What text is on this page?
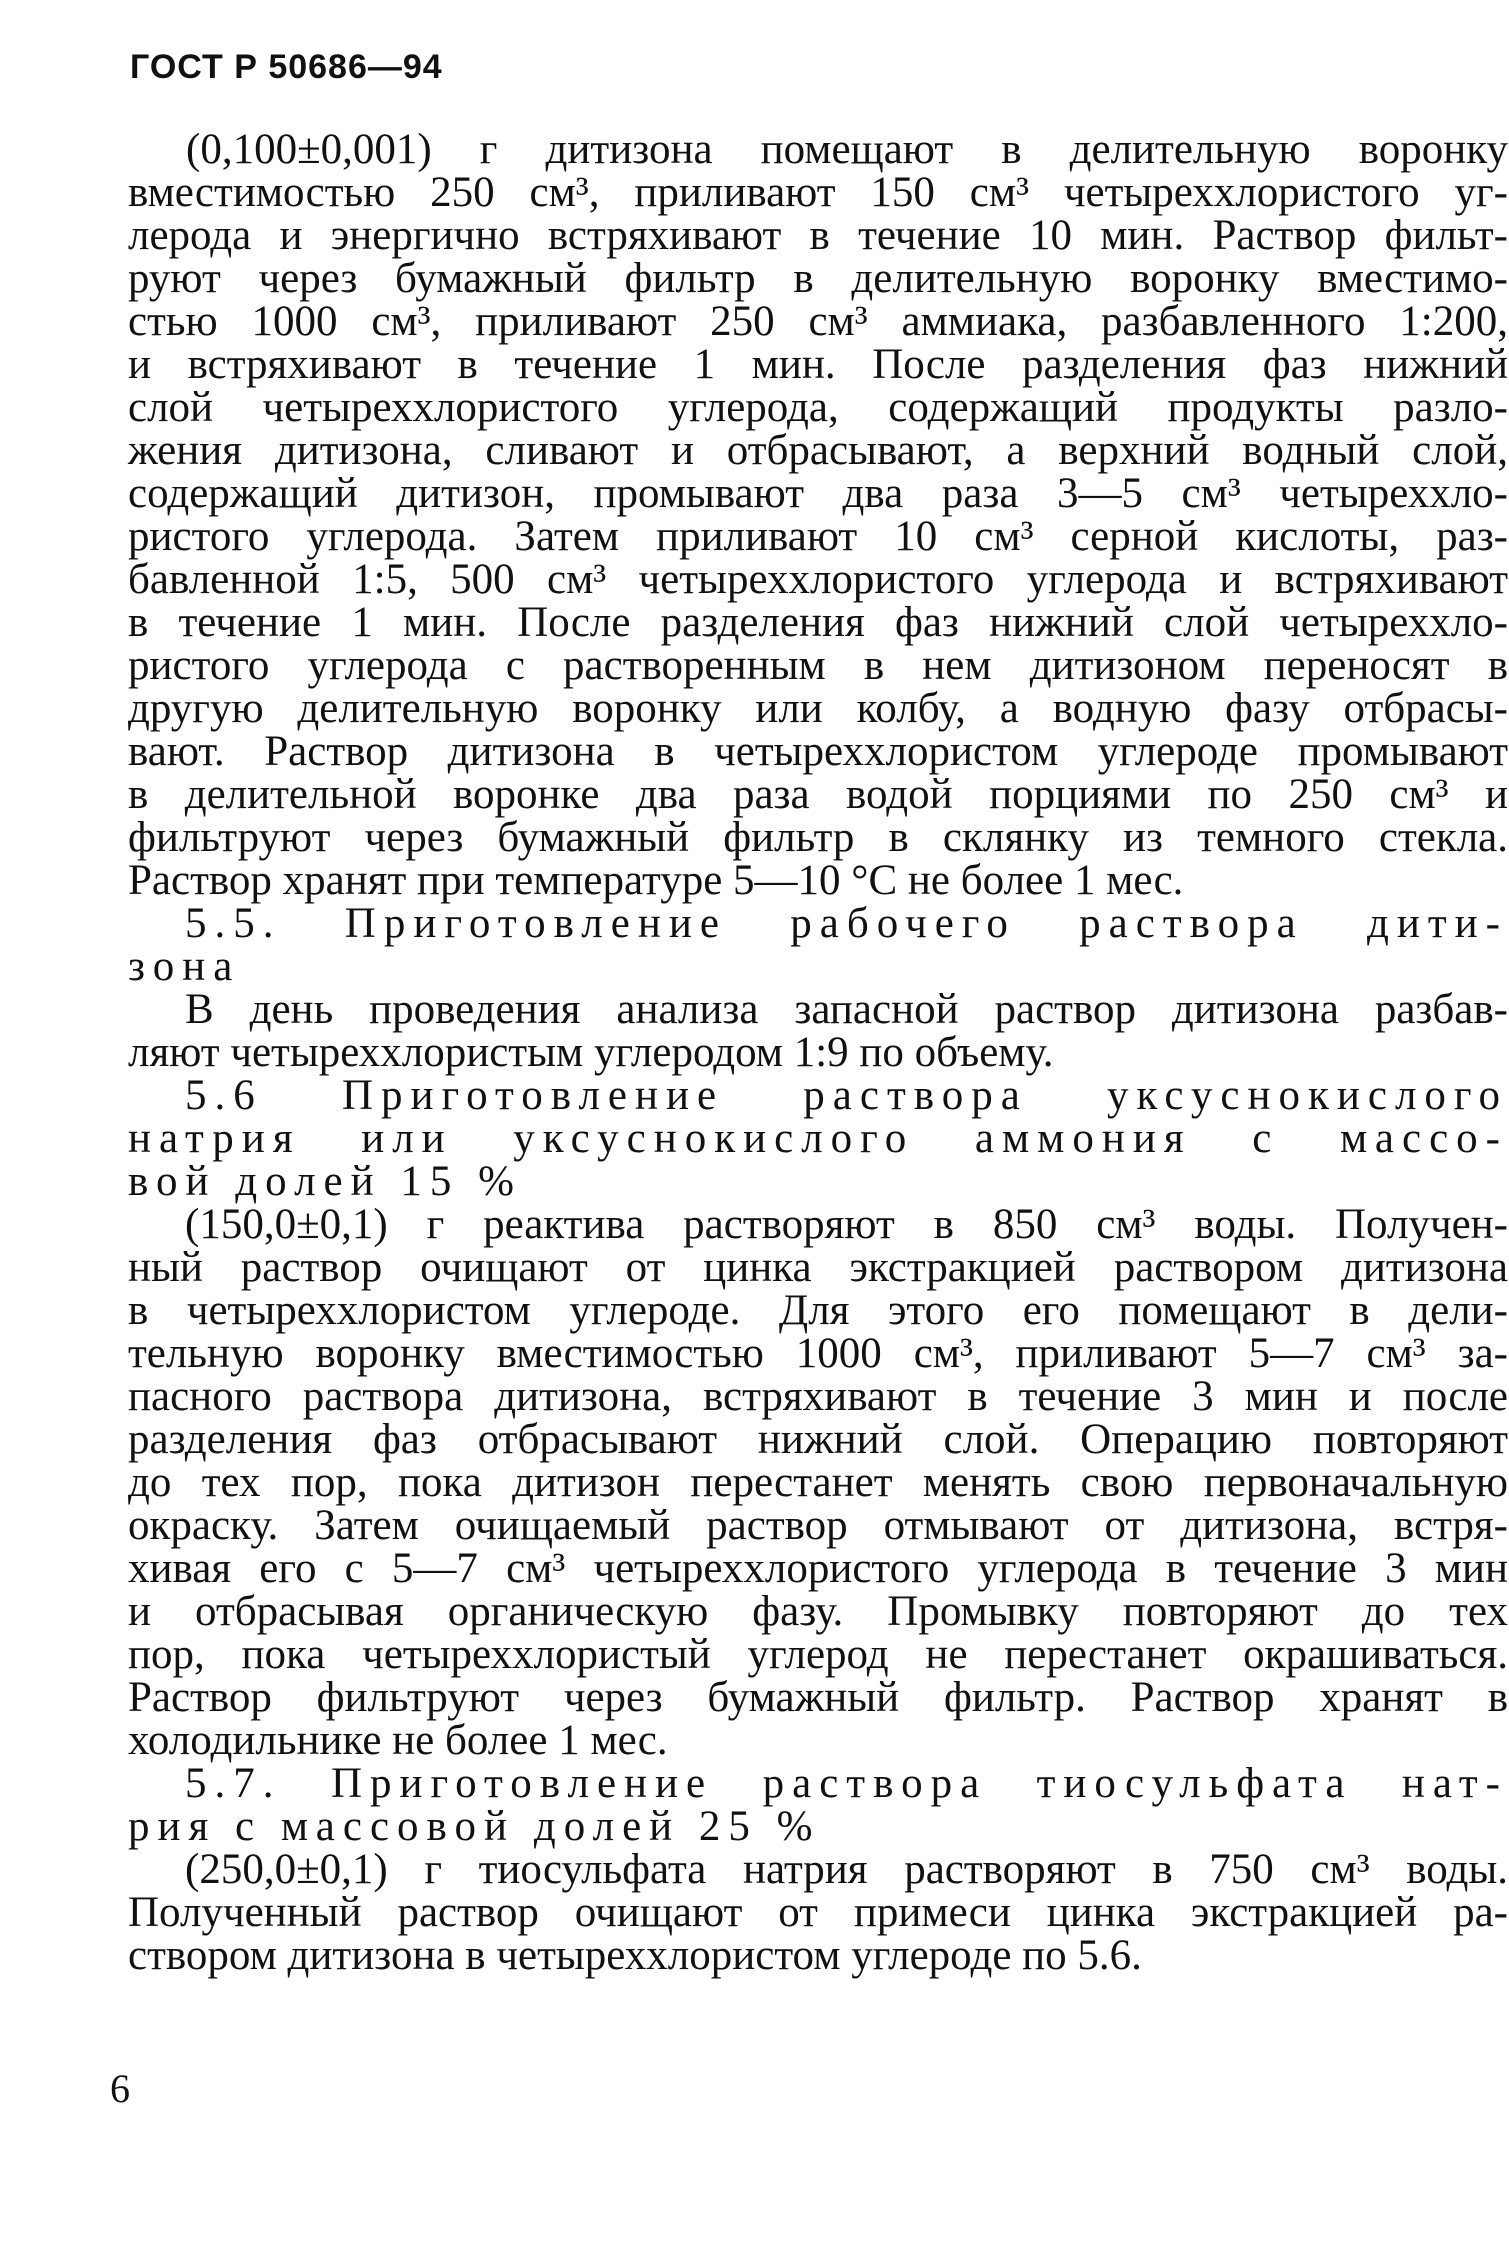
ГОСТ Р 50686—94
(0,100±0,001) г дитизона помещают в делительную воронку
вместимостью 250 см³, приливают 150 см³ четыреххлористого уг-
лерода и энергично встряхивают в течение 10 мин. Раствор фильт-
руют через бумажный фильтр в делительную воронку вместимо-
стью 1000 см³, приливают 250 см³ аммиака, разбавленного 1:200,
и встряхивают в течение 1 мин. После разделения фаз нижний
слой четыреххлористого углерода, содержащий продукты разло-
жения дитизона, сливают и отбрасывают, а верхний водный слой,
содержащий дитизон, промывают два раза 3—5 см³ четыреххло-
ристого углерода. Затем приливают 10 см³ серной кислоты, раз-
бавленной 1:5, 500 см³ четыреххлористого углерода и встряхивают
в течение 1 мин. После разделения фаз нижний слой четыреххло-
ристого углерода с растворенным в нем дитизоном переносят в
другую делительную воронку или колбу, а водную фазу отбрасы-
вают. Раствор дитизона в четыреххлористом углероде промывают
в делительной воронке два раза водой порциями по 250 см³ и
фильтруют через бумажный фильтр в склянку из темного стекла.
Раствор хранят при температуре 5—10 °С не более 1 мес.
5.5. Приготовление рабочего раствора дити-
зона
В день проведения анализа запасной раствор дитизона разбав-
ляют четыреххлористым углеродом 1:9 по объему.
5.6 Приготовление раствора уксуснокислого
натрия или уксуснокислого аммония с массо-
вой долей 15 %
(150,0±0,1) г реактива растворяют в 850 см³ воды. Получен-
ный раствор очищают от цинка экстракцией раствором дитизона
в четыреххлористом углероде. Для этого его помещают в дели-
тельную воронку вместимостью 1000 см³, приливают 5—7 см³ за-
пасного раствора дитизона, встряхивают в течение 3 мин и после
разделения фаз отбрасывают нижний слой. Операцию повторяют
до тех пор, пока дитизон перестанет менять свою первоначальную
окраску. Затем очищаемый раствор отмывают от дитизона, встря-
хивая его с 5—7 см³ четыреххлористого углерода в течение 3 мин
и отбрасывая органическую фазу. Промывку повторяют до тех
пор, пока четыреххлористый углерод не перестанет окрашиваться.
Раствор фильтруют через бумажный фильтр. Раствор хранят в
холодильнике не более 1 мес.
5.7. Приготовление раствора тиосульфата нат-
рия с массовой долей 25 %
(250,0±0,1) г тиосульфата натрия растворяют в 750 см³ воды.
Полученный раствор очищают от примеси цинка экстракцией ра-
створом дитизона в четыреххлористом углероде по 5.6.
6
